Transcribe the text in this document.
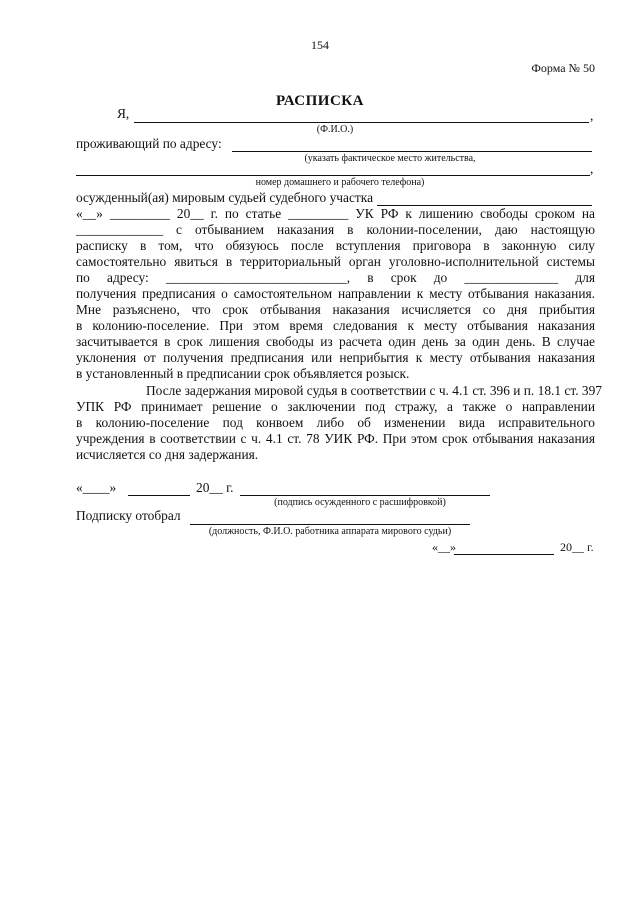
154
Форма № 50
РАСПИСКА
Я,	,
(Ф.И.О.)
проживающий по адресу:
(указать фактическое место жительства,
,
номер домашнего и рабочего телефона)
осужденный(ая) мировым судьей судебного участка
«__» _________ 20__ г. по статье _________ УК РФ к лишению свободы сроком на
_____________ с отбыванием наказания в колонии-поселении, даю настоящую
расписку в том, что обязуюсь после вступления приговора в законную силу
самостоятельно явиться в территориальный орган уголовно-исполнительной системы
по адресу: ___________________________, в срок до ______________ для
получения предписания о самостоятельном направлении к месту отбывания наказания.
Мне разъяснено, что срок отбывания наказания исчисляется со дня прибытия
в колонию-поселение. При этом время следования к месту отбывания наказания
засчитывается в срок лишения свободы из расчета один день за один день. В случае
уклонения от получения предписания или неприбытия к месту отбывания наказания
в установленный в предписании срок объявляется розыск.
После задержания мировой судья в соответствии с ч. 4.1 ст. 396 и п. 18.1 ст. 397
УПК РФ принимает решение о заключении под стражу, а также о направлении
в колонию-поселение под конвоем либо об изменении вида исправительного
учреждения в соответствии с ч. 4.1 ст. 78 УИК РФ. При этом срок отбывания наказания
исчисляется со дня задержания.
«____»	20__ г.
(подпись осужденного с расшифровкой)
Подписку отобрал
(должность, Ф.И.О. работника аппарата мирового судьи)
«__»	20__ г.
